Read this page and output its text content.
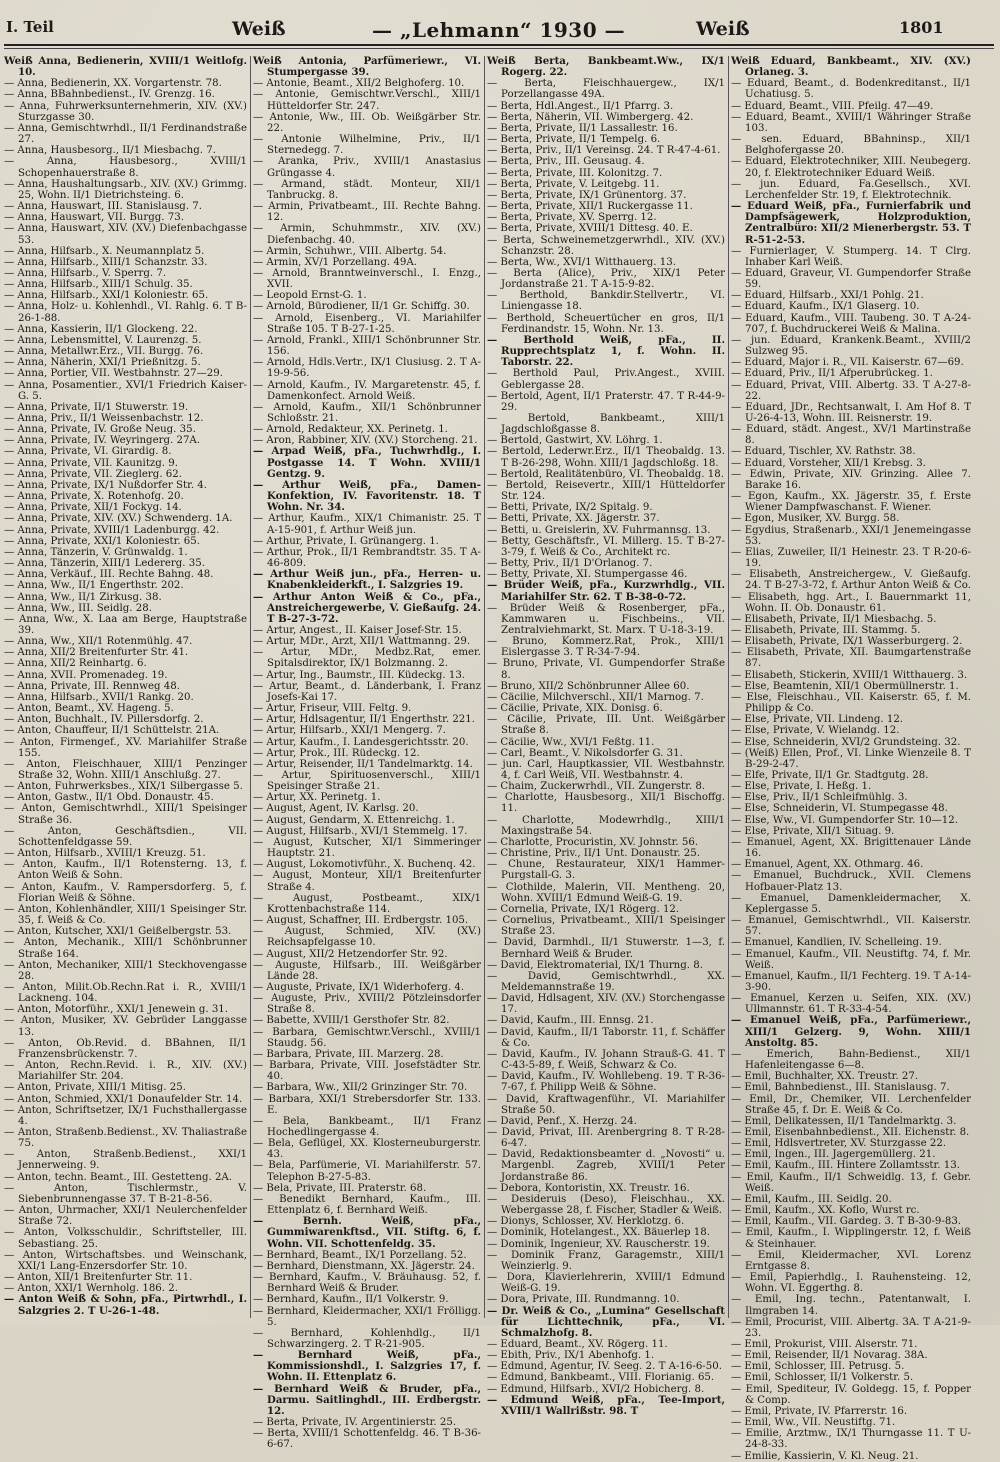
I. Teil	Weiß	— „Lehmann“ 1930 —	Weiß	1801

Weiß Anna, Bedienerin, XVIII/1 Weitlofg. 10.

— Anna, Bedienerin, XX. Vorgartenstr. 78.

— Anna, BBahnbedienst., IV. Grenzg. 16.

— Anna, Fuhrwerksunternehmerin, XIV. (XV.) Sturzgasse 30.

— Anna, Gemischtwrhdl., II/1 Ferdinandstraße 27.

— Anna, Hausbesorg., II/1 Miesbachg. 7.

— Anna, Hausbesorg., XVIII/1 Schopenhauerstraße 8.

— Anna, Haushaltungsarb., XIV. (XV.) Grimmg. 25, Wohn. II/1 Dietrichsteing. 6.

— Anna, Hauswart, III. Stanislausg. 7.

— Anna, Hauswart, VII. Burgg. 73.

— Anna, Hauswart, XIV. (XV.) Diefenbachgasse 53.

— Anna, Hilfsarb., X. Neumannplatz 5.

— Anna, Hilfsarb., XIII/1 Schanzstr. 33.

— Anna, Hilfsarb., V. Sperrg. 7.

— Anna, Hilfsarb., XIII/1 Schulg. 35.

— Anna, Hilfsarb., XXI/1 Koloniestr. 65.

— Anna, Holz- u. Kohlenhdl., VI. Rahlg. 6. T B-26-1-88.

— Anna, Kassierin, II/1 Glockeng. 22.

— Anna, Lebensmittel, V. Laurenzg. 5.

— Anna, Metallwr.Erz., VII. Burgg. 76.

— Anna, Näherin, XXI/1 Prießnitzg. 5.

— Anna, Portier, VII. Westbahnstr. 27—29.

— Anna, Posamentier., XVI/1 Friedrich Kaiser-G. 5.

— Anna, Private, II/1 Stuwerstr. 19.

— Anna, Priv., II/1 Weissenbachstr. 12.

— Anna, Private, IV. Große Neug. 35.

— Anna, Private, IV. Weyringerg. 27A.

— Anna, Private, VI. Girardig. 8.

— Anna, Private, VII. Kaunitzg. 9.

— Anna, Private, VII. Zieglerg. 62.

— Anna, Private, IX/1 Nußdorfer Str. 4.

— Anna, Private, X. Rotenhofg. 20.

— Anna, Private, XII/1 Fockyg. 14.

— Anna, Private, XIV. (XV.) Schwenderg. 1A.

— Anna, Private, XVIII/1 Ladenburgg. 42.

— Anna, Private, XXI/1 Koloniestr. 65.

— Anna, Tänzerin, V. Grünwaldg. 1.

— Anna, Tänzerin, XIII/1 Ledererg. 35.

— Anna, Verkäuf., III. Rechte Bahng. 48.

— Anna, Ww., II/1 Engerthstr. 202.

— Anna, Ww., II/1 Zirkusg. 38.

— Anna, Ww., III. Seidlg. 28.

— Anna, Ww., X. Laa am Berge, Hauptstraße 39.

— Anna, Ww., XII/1 Rotenmühlg. 47.

— Anna, XII/2 Breitenfurter Str. 41.

— Anna, XII/2 Reinhartg. 6.

— Anna, XVII. Promenadeg. 19.

— Anna, Private, III. Rennweg 48.

— Anna, Hilfsarb., XVII/1 Rankg. 20.

— Anton, Beamt., XV. Hageng. 5.

— Anton, Buchhalt., IV. Pillersdorfg. 2.

— Anton, Chauffeur, II/1 Schüttelstr. 21A.

— Anton, Firmengef., XV. Mariahilfer Straße 155.

— Anton, Fleischhauer, XIII/1 Penzinger Straße 32, Wohn. XIII/1 Anschlußg. 27.

— Anton, Fuhrwerksbes., XIX/1 Silbergasse 5.

— Anton, Gastw., II/1 Obd. Donaustr. 45.

— Anton, Gemischtwrhdl., XIII/1 Speisinger Straße 36.

— Anton, Geschäftsdien., VII. Schottenfeldgasse 59.

— Anton, Hilfsarb., XVIII/1 Kreuzg. 51.

— Anton, Kaufm., II/1 Rotensterng. 13, f. Anton Weiß & Sohn.

— Anton, Kaufm., V. Rampersdorferg. 5, f. Florian Weiß & Söhne.

— Anton, Kohlenhändler, XIII/1 Speisinger Str. 35, f. Weiß & Co.

— Anton, Kutscher, XXI/1 Geißelbergstr. 53.

— Anton, Mechanik., XIII/1 Schönbrunner Straße 164.

— Anton, Mechaniker, XIII/1 Steckhovengasse 28.

— Anton, Milit.Ob.Rechn.Rat i. R., XVIII/1 Lackneng. 104.

— Anton, Motorführ., XXI/1 Jenewein g. 31.

— Anton, Musiker, XV. Gebrüder Langgasse 13.

— Anton, Ob.Revid. d. BBahnen, II/1 Franzensbrückenstr. 7.

— Anton, Rechn.Revid. i. R., XIV. (XV.) Mariahilfer Str. 204.

— Anton, Private, XIII/1 Mitisg. 25.

— Anton, Schmied, XXI/1 Donaufelder Str. 14.

— Anton, Schriftsetzer, IX/1 Fuchsthallergasse 4.

— Anton, Straßenb.Bedienst., XV. Thaliastraße 75.

— Anton, Straßenb.Bedienst., XXI/1 Jennerweing. 9.

— Anton, techn. Beamt., III. Gestetteng. 2A.

— Anton, Tischlermstr., V. Siebenbrunnengasse 37. T B-21-8-56.

— Anton, Uhrmacher, XXI/1 Neulerchenfelder Straße 72.

— Anton, Volksschuldir., Schriftsteller, III. Sebastiang. 25.

— Anton, Wirtschaftsbes. und Weinschank, XXI/1 Lang-Enzersdorfer Str. 10.

— Anton, XII/1 Breitenfurter Str. 11.

— Anton, XXI/1 Wernholg. 186. 2.

— Anton Weiß & Sohn, pFa., Pirtwrhdl., I. Salzgries 2. T U-26-1-48.

Weiß Antonia, Parfümeriewr., VI. Stumpergasse 39.

— Antonie, Beamt., XII/2 Belghoferg. 10.

— Antonie, Gemischtwr.Verschl., XIII/1 Hütteldorfer Str. 247.

— Antonie, Ww., III. Ob. Weißgärber Str. 22.

— Antonie Wilhelmine, Priv., II/1 Sternedegg. 7.

— Aranka, Priv., XVIII/1 Anastasius Grüngasse 4.

— Armand, städt. Monteur, XII/1 Tanbruckg. 8.

— Armin, Privatbeamt., III. Rechte Bahng. 12.

— Armin, Schuhmmstr., XIV. (XV.) Diefenbachg. 40.

— Armin, Schuhwr., VIII. Albertg. 54.

— Armin, XV/1 Porzellang. 49A.

— Arnold, Branntweinverschl., I. Enzg., XVII.

— Leopold Ernst-G. 1.

— Arnold, Bürodiener, II/1 Gr. Schiffg. 30.

— Arnold, Eisenberg., VI. Mariahilfer Straße 105. T B-27-1-25.

— Arnold, Frankl., XIII/1 Schönbrunner Str. 156.

— Arnold, Hdls.Vertr., IX/1 Clusiusg. 2. T A-19-9-56.

— Arnold, Kaufm., IV. Margaretenstr. 45, f. Damenkonfect. Arnold Weiß.

— Arnold, Kaufm., XII/1 Schönbrunner Schloßstr. 21.

— Arnold, Redakteur, XX. Perinetg. 1.

— Aron, Rabbiner, XIV. (XV.) Storcheng. 21.

— Arpad Weiß, pFa., Tuchwrhdlg., I. Postgasse 14. T Wohn. XVIII/1 Gentzg. 9.

— Arthur Weiß, pFa., Damen-Konfektion, IV. Favoritenstr. 18. T Wohn. Nr. 34.

— Arthur, Kaufm., XIX/1 Chimanistr. 25. T A-15-901, f. Arthur Weiß jun.

— Arthur, Private, I. Grünangerg. 1.

— Arthur, Prok., II/1 Rembrandtstr. 35. T A-46-809.

— Arthur Weiß jun., pFa., Herren- u. Knabenkleiderkft., I. Salzgries 19.

— Arthur Anton Weiß & Co., pFa., Anstreichergewerbe, V. Gießaufg. 24. T B-27-3-72.

— Artur, Angest., II. Kaiser Josef-Str. 15.

— Artur, MDr., Arzt, XII/1 Wattmanng. 29.

— Artur, MDr., Medbz.Rat, emer. Spitalsdirektor, IX/1 Bolzmanng. 2.

— Artur, Ing., Baumstr., III. Küdeckg. 13.

— Artur, Beamt., d. Länderbank, I. Franz Josefs-Kai 17.

— Artur, Friseur, VIII. Feltg. 9.

— Artur, Hdlsagentur, II/1 Engerthstr. 221.

— Artur, Hilfsarb., XXI/1 Mengerg. 7.

— Artur, Kaufm., I. Landesgerichtsstr. 20.

— Artur, Prok., III. Rüdeckg. 12.

— Artur, Reisender, II/1 Tandelmarktg. 14.

— Artur, Spirituosenverschl., XIII/1 Speisinger Straße 21.

— Artur, XX. Perinetg. 1.

— August, Agent, IV. Karlsg. 20.

— August, Gendarm, X. Ettenreichg. 1.

— August, Hilfsarb., XVI/1 Stemmelg. 17.

— August, Kutscher, XI/1 Simmeringer Hauptstr. 21.

— August, Lokomotivführ., X. Buchenq. 42.

— August, Monteur, XII/1 Breitenfurter Straße 4.

— August, Postbeamt., XIX/1 Krottenbachstraße 114.

— August, Schaffner, III. Erdbergstr. 105.

— August, Schmied, XIV. (XV.) Reichsapfelgasse 10.

— August, XII/2 Hetzendorfer Str. 92.

— Auguste, Hilfsarb., III. Weißgärber Lände 28.

— Auguste, Private, IX/1 Widerhoferg. 4.

— Auguste, Priv., XVIII/2 Pötzleinsdorfer Straße 8.

— Babette, XVIII/1 Gersthofer Str. 82.

— Barbara, Gemischtwr.Verschl., XVIII/1 Staudg. 56.

— Barbara, Private, III. Marzerg. 28.

— Barbara, Private, VIII. Josefstädter Str. 40.

— Barbara, Ww., XII/2 Grinzinger Str. 70.

— Barbara, XXI/1 Strebersdorfer Str. 133. E.

— Bela, Bankbeamt., II/1 Franz Hochedlingergasse 4.

— Bela, Geflügel, XX. Klosterneuburgerstr. 43.

— Bela, Parfümerie, VI. Mariahilferstr. 57. Telephon B-27-5-83.

— Bela, Private, III. Praterstr. 68.

— Benedikt Bernhard, Kaufm., III. Ettenplatz 6, f. Bernhard Weiß.

— Bernh. Weiß, pFa., Gummiwarenkftsd., VII. Stiftg. 6, f. Wohn. VII. Schottenfeldg. 35.

— Bernhard, Beamt., IX/1 Porzellang. 52.

— Bernhard, Dienstmann, XX. Jägerstr. 24.

— Bernhard, Kaufm., V. Bräuhausg. 52, f. Bernhard Weiß & Bruder.

— Bernhard, Kaufm., II/1 Volkerstr. 9.

— Bernhard, Kleidermacher, XXI/1 Frölligg. 5.

— Bernhard, Kohlenhdlg., II/1 Schwarzingerg. 2. T R-21-905.

— Bernhard Weiß, pFa., Kommissionshdl., I. Salzgries 17, f. Wohn. II. Ettenplatz 6.

— Bernhard Weiß & Bruder, pFa., Darmu. Saitlinghdl., III. Erdbergstr. 12.

— Berta, Private, IV. Argentinierstr. 25.

— Berta, XVIII/1 Schottenfeldg. 46. T B-36-6-67.

Weiß Berta, Bankbeamt.Ww., IX/1 Rogerg. 22.

— Berta, Fleischhauergew., IX/1 Porzellangasse 49A.

— Berta, Hdl.Angest., II/1 Pfarrg. 3.

— Berta, Näherin, VII. Wimbergerg. 42.

— Berta, Private, II/1 Lassallestr. 16.

— Berta, Private, II/1 Tempelg. 6.

— Berta, Priv., II/1 Vereinsg. 24. T R-47-4-61.

— Berta, Priv., III. Geusaug. 4.

— Berta, Private, III. Kolonitzg. 7.

— Berta, Private, V. Leitgebg. 11.

— Berta, Private, IX/1 Grünentorg. 37.

— Berta, Private, XII/1 Ruckergasse 11.

— Berta, Private, XV. Sperrg. 12.

— Berta, Private, XVIII/1 Dittesg. 40. E.

— Berta, Schweinemetzgerwrhdl., XIV. (XV.) Schanzstr. 28.

— Berta, Ww., XVI/1 Witthauerg. 13.

— Berta (Alice), Priv., XIX/1 Peter Jordanstraße 21. T A-15-9-82.

— Berthold, Bankdir.Stellvertr., VI. Liniengasse 18.

— Berthold, Scheuertücher en gros, II/1 Ferdinandstr. 15, Wohn. Nr. 13.

— Berthold Weiß, pFa., II. Rupprechtsplatz 1, f. Wohn. II. Taborstr. 22.

— Berthold Paul, Priv.Angest., XVIII. Geblergasse 28.

— Bertold, Agent, II/1 Praterstr. 47. T R-44-9-29.

— Bertold, Bankbeamt., XIII/1 Jagdschloßgasse 8.

— Bertold, Gastwirt, XV. Löhrg. 1.

— Bertold, Lederwr.Erz., II/1 Theobaldg. 13. T B-26-298, Wohn. XIII/1 Jagdschloßg. 18.

— Bertold, Realitätenbüro, VI. Theobaldg. 18.

— Bertold, Reisevertr., XIII/1 Hütteldorfer Str. 124.

— Betti, Private, IX/2 Spitalg. 9.

— Betti, Private, XX. Jägerstr. 37.

— Betti, u. Greislerin, XV. Fuhrmannsg. 13.

— Betty, Geschäftsfr., VI. Millerg. 15. T B-27-3-79, f. Weiß & Co., Architekt rc.

— Betty, Priv., II/1 D'Orlanog. 7.

— Betty, Private, XI. Stumpergasse 46.

— Brüder Weiß, pFa., Kurzwrhdlg., VII. Mariahilfer Str. 62. T B-38-0-72.

— Brüder Weiß & Rosenberger, pFa., Kammwaren u. Fischbeins., VII. Zentralviehmarkt, St. Marx. T U-18-3-19.

— Bruno, Kommerz.Rat, Prok., XIII/1 Eislergasse 3. T R-34-7-94.

— Bruno, Private, VI. Gumpendorfer Straße 8.

— Bruno, XII/2 Schönbrunner Allee 60.

— Cäcilie, Milchverschl., XII/1 Marnog. 7.

— Cäcilie, Private, XIX. Donisg. 6.

— Cäcilie, Private, III. Unt. Weißgärber Straße 8.

— Cäcilie, Ww., XVI/1 Feßtg. 11.

— Carl, Beamt., V. Nikolsdorfer G. 31.

— jun. Carl, Hauptkassier, VII. Westbahnstr. 4, f. Carl Weiß, VII. Westbahnstr. 4.

— Chaim, Zuckerwrhdl., VII. Zungerstr. 8.

— Charlotte, Hausbesorg., XII/1 Bischoffg. 11.

— Charlotte, Modewrhdlg., XIII/1 Maxingstraße 54.

— Charlotte, Procuristin, XV. Johnstr. 56.

— Christine, Priv., II/1 Unt. Donaustr. 25.

— Chune, Restaurateur, XIX/1 Hammer-Purgstall-G. 3.

— Clothilde, Malerin, VII. Mentheng. 20, Wohn. XVIII/1 Edmund Weiß-G. 19.

— Cornelia, Private, IX/1 Rögerg. 12.

— Cornelius, Privatbeamt., XIII/1 Speisinger Straße 23.

— David, Darmhdl., II/1 Stuwerstr. 1—3, f. Bernhard Weiß & Bruder.

— David, Elektromaterial, IX/1 Thurng. 8.

— David, Gemischtwrhdl., XX. Meldemannstraße 19.

— David, Hdlsagent, XIV. (XV.) Storchengasse 17.

— David, Kaufm., III. Ennsg. 21.

— David, Kaufm., II/1 Taborstr. 11, f. Schäffer & Co.

— David, Kaufm., IV. Johann Strauß-G. 41. T C-43-5-89, f. Weiß, Schwarz & Co.

— David, Kaufm., IV. Wohllebeng. 19. T R-36-7-67, f. Philipp Weiß & Söhne.

— David, Kraftwagenführ., VI. Mariahilfer Straße 50.

— David, Penf., X. Herzg. 24.

— David, Privat, III. Arenbergring 8. T R-28-6-47.

— David, Redaktionsbeamter d. „Novosti“ u. Margenbl. Zagreb, XVIII/1 Peter Jordanstraße 86.

— Debora, Kontoristin, XX. Treustr. 16.

— Desideruis (Deso), Fleischhau., XX. Webergasse 28, f. Fischer, Stadler & Weiß.

— Dionys, Schlosser, XV. Herklotzg. 6.

— Dominik, Hotelangest., XX. Bäuerlep 18.

— Dominik, Ingenieur, XV. Rauscherstr. 19.

— Dominik Franz, Garagemstr., XIII/1 Weinzierlg. 9.

— Dora, Klavierlehrerin, XVIII/1 Edmund Weiß-G. 19.

— Dora, Private, III. Rundmanng. 10.

— Dr. Weiß & Co., „Lumina“ Gesellschaft für Lichttechnik, pFa., VI. Schmalzhofg. 8.

— Eduard, Beamt., XV. Rögerg. 11.

— Ebith, Priv., IX/1 Abenhofg. 1.

— Edmund, Agentur, IV. Seeg. 2. T A-16-6-50.

— Edmund, Bankbeamt., VIII. Florianig. 65.

— Edmund, Hilfsarb., XVI/2 Hobicherg. 8.

— Edmund Weiß, pFa., Tee-Import, XVIII/1 Wallrißstr. 98. T

Weiß Eduard, Bankbeamt., XIV. (XV.) Orlaneg. 3.

— Eduard, Beamt., d. Bodenkreditanst., II/1 Uchatiusg. 5.

— Eduard, Beamt., VIII. Pfeilg. 47—49.

— Eduard, Beamt., XVIII/1 Währinger Straße 103.

— sen. Eduard, BBahninsp., XII/1 Belghofergasse 20.

— Eduard, Elektrotechniker, XIII. Neubegerg. 20, f. Elektrotechniker Eduard Weiß.

— jun. Eduard, Fa.Gesellsch., XVI. Lerchenfelder Str. 19, f. Elektrotechnik.

— Eduard Weiß, pFa., Furnierfabrik und Dampfsägewerk, Holzproduktion, Zentralbüro: XII/2 Mienerbergstr. 53. T R-51-2-53.

— Furnierlager, V. Stumperg. 14. T Clrg. Inhaber Karl Weiß.

— Eduard, Graveur, VI. Gumpendorfer Straße 59.

— Eduard, Hilfsarb., XXI/1 Pohlg. 21.

— Eduard, Kaufm., IX/1 Glaserg. 10.

— Eduard, Kaufm., VIII. Taubeng. 30. T A-24-707, f. Buchdruckerei Weiß & Malina.

— jun. Eduard, Krankenk.Beamt., XVIII/2 Sulzweg 95.

— Eduard, Major i. R., VII. Kaiserstr. 67—69.

— Eduard, Priv., II/1 Afperubrückeg. 1.

— Eduard, Privat, VIII. Albertg. 33. T A-27-8-22.

— Eduard, JDr., Rechtsanwalt, I. Am Hof 8. T U-26-4-13, Wohn. III. Reisnerstr. 19.

— Eduard, städt. Angest., XV/1 Martinstraße 8.

— Eduard, Tischler, XV. Rathstr. 38.

— Eduard, Vorsteher, XII/1 Krebsg. 3.

— Edwin, Private, XIV. Grinzing. Allee 7. Barake 16.

— Egon, Kaufm., XX. Jägerstr. 35, f. Erste Wiener Dampfwaschanst. F. Wiener.

— Egon, Musiker, XV. Burgg. 58.

— Egydius, Straßenarb., XXI/1 Jenemeingasse 53.

— Elias, Zuweiler, II/1 Heinestr. 23. T R-20-6-19.

— Elisabeth, Anstreichergew., V. Gießaufg. 24. T B-27-3-72, f. Arthur Anton Weiß & Co.

— Elisabeth, hgg. Art., I. Bauernmarkt 11, Wohn. II. Ob. Donaustr. 61.

— Elisabeth, Private, II/1 Miesbachg. 5.

— Elisabeth, Private, III. Stammg. 5.

— Elisabeth, Private, IX/1 Wasserburgerg. 2.

— Elisabeth, Private, XII. Baumgartenstraße 87.

— Elisabeth, Stickerin, XVIII/1 Witthauerg. 3.

— Else, Beamtenin, XII/1 Obermüllnerstr. 1.

— Else, Fleischhau., VII. Kaiserstr. 65, f. M. Philipp & Co.

— Else, Private, VII. Lindeng. 12.

— Else, Private, V. Wielandg. 12.

— Else, Schneiderin, XVI/2 Grundsteing. 32.

— (Weiß) Ellen, Prof., VI. Linke Wienzeile 8. T B-29-2-47.

— Elfe, Private, II/1 Gr. Stadtgutg. 28.

— Else, Private, I. Heßg. 1.

— Else, Priv., II/1 Schleifmühlg. 3.

— Else, Schneiderin, VI. Stumpegasse 48.

— Else, Ww., VI. Gumpendorfer Str. 10—12.

— Else, Private, XII/1 Situag. 9.

— Emanuel, Agent, XX. Brigittenauer Lände 16.

— Emanuel, Agent, XX. Othmarg. 46.

— Emanuel, Buchdruck., XVII. Clemens Hofbauer-Platz 13.

— Emanuel, Damenkleidermacher, X. Keplergasse 5.

— Emanuel, Gemischtwrhdl., VII. Kaiserstr. 57.

— Emanuel, Kandlien, IV. Schelleing. 19.

— Emanuel, Kaufm., VII. Neustiftg. 74, f. Mr. Weiß.

— Emanuel, Kaufm., II/1 Fechterg. 19. T A-14-3-90.

— Emanuel, Kerzen u. Seifen, XIX. (XV.) Ullmannstr. 61. T R-33-4-54.

— Emanuel Weiß, pFa., Parfümeriewr., XIII/1 Gelzerg. 9, Wohn. XIII/1 Anstoltg. 85.

— Emerich, Bahn-Bedienst., XII/1 Hafenleitengasse 6—8.

— Emil, Buchhalter, XX. Treustr. 27.

— Emil, Bahnbedienst., III. Stanislausg. 7.

— Emil, Dr., Chemiker, VII. Lerchenfelder Straße 45, f. Dr. E. Weiß & Co.

— Emil, Delikatessen, II/1 Tandelmarktg. 3.

— Emil, Eisenbahnbedienst., XII. Eichenstr. 8.

— Emil, Hdlsvertreter, XV. Sturzgasse 22.

— Emil, Ingen., III. Jagergemüllerg. 21.

— Emil, Kaufm., III. Hintere Zollamtsstr. 13.

— Emil, Kaufm., II/1 Schweidlg. 13, f. Gebr. Weiß.

— Emil, Kaufm., III. Seidlg. 20.

— Emil, Kaufm., XX. Koflo, Wurst rc.

— Emil, Kaufm., VII. Gardeg. 3. T B-30-9-83.

— Emil, Kaufm., I. Wipplingerstr. 12, f. Weiß & Steinhauer.

— Emil, Kleidermacher, XVI. Lorenz Erntgasse 8.

— Emil, Papierhdlg., I. Rauhensteing. 12, Wohn. VI. Eggerthg. 8.

— Emil, Ing. techn., Patentanwalt, I. Ilmgraben 14.

— Emil, Procurist, VIII. Albertg. 3A. T A-21-9-23.

— Emil, Prokurist, VIII. Alserstr. 71.

— Emil, Reisender, II/1 Novarag. 38A.

— Emil, Schlosser, III. Petrusg. 5.

— Emil, Schlosser, II/1 Volkerstr. 5.

— Emil, Spediteur, IV. Goldegg. 15, f. Popper & Comp.

— Emil, Private, IV. Pfarrerstr. 16.

— Emil, Ww., VII. Neustiftg. 71.

— Emilie, Arztmw., IX/1 Thurngasse 11. T U-24-8-33.

— Emilie, Kassierin, V. Kl. Neug. 21.
